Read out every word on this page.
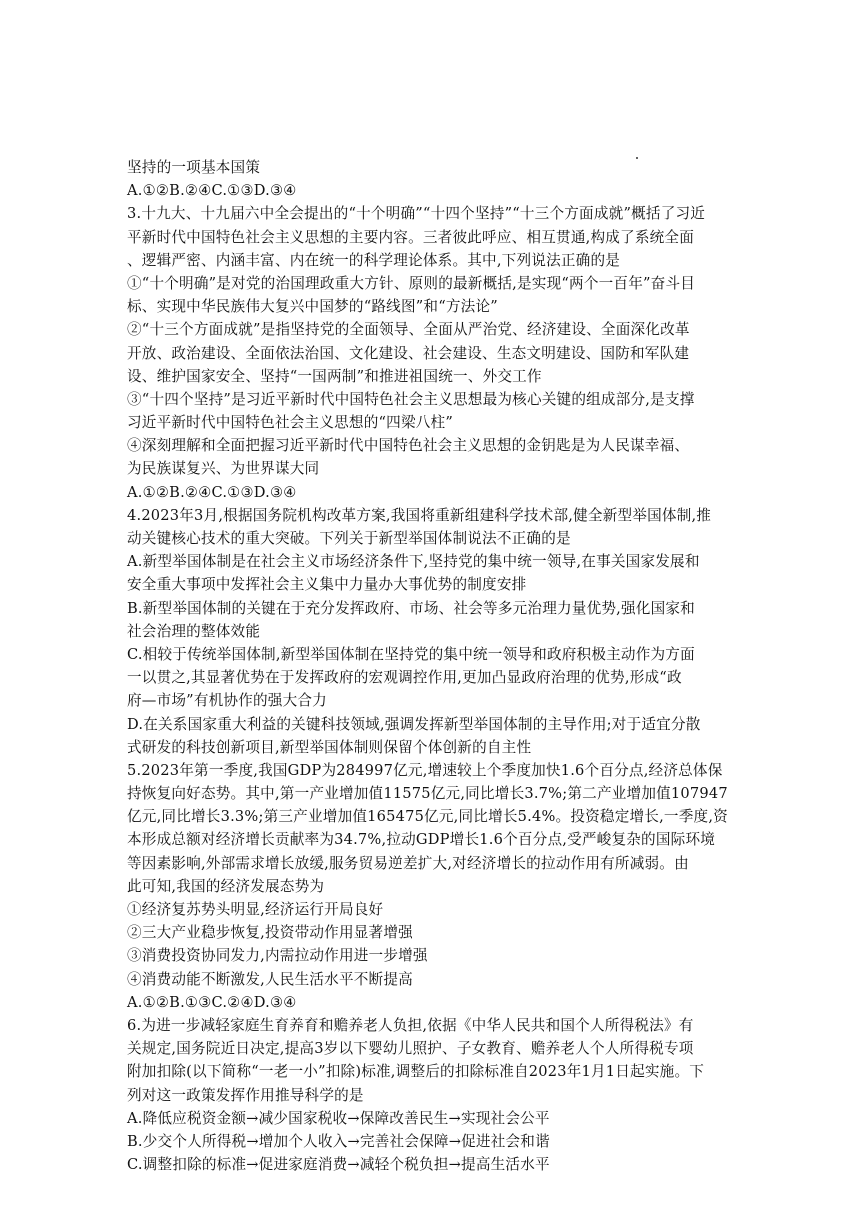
坚持的一项基本国策
A.①②B.②④C.①③D.③④
3.十九大、十九届六中全会提出的“十个明确”“十四个坚持”“十三个方面成就”概括了习近
平新时代中国特色社会主义思想的主要内容。三者彼此呼应、相互贯通,构成了系统全面
、逻辑严密、内涵丰富、内在统一的科学理论体系。其中,下列说法正确的是
①“十个明确”是对党的治国理政重大方针、原则的最新概括,是实现“两个一百年”奋斗目
标、实现中华民族伟大复兴中国梦的“路线图”和“方法论”
②“十三个方面成就”是指坚持党的全面领导、全面从严治党、经济建设、全面深化改革
开放、政治建设、全面依法治国、文化建设、社会建设、生态文明建设、国防和军队建
设、维护国家安全、坚持“一国两制”和推进祖国统一、外交工作
③“十四个坚持”是习近平新时代中国特色社会主义思想最为核心关键的组成部分,是支撑
习近平新时代中国特色社会主义思想的“四梁八柱”
④深刻理解和全面把握习近平新时代中国特色社会主义思想的金钥匙是为人民谋幸福、
为民族谋复兴、为世界谋大同
A.①②B.②④C.①③D.③④
4.2023年3月,根据国务院机构改革方案,我国将重新组建科学技术部,健全新型举国体制,推
动关键核心技术的重大突破。下列关于新型举国体制说法不正确的是
A.新型举国体制是在社会主义市场经济条件下,坚持党的集中统一领导,在事关国家发展和
安全重大事项中发挥社会主义集中力量办大事优势的制度安排
B.新型举国体制的关键在于充分发挥政府、市场、社会等多元治理力量优势,强化国家和
社会治理的整体效能
C.相较于传统举国体制,新型举国体制在坚持党的集中统一领导和政府积极主动作为方面
一以贯之,其显著优势在于发挥政府的宏观调控作用,更加凸显政府治理的优势,形成“政
府—市场”有机协作的强大合力
D.在关系国家重大利益的关键科技领域,强调发挥新型举国体制的主导作用;对于适宜分散
式研发的科技创新项目,新型举国体制则保留个体创新的自主性
5.2023年第一季度,我国GDP为284997亿元,增速较上个季度加快1.6个百分点,经济总体保
持恢复向好态势。其中,第一产业增加值11575亿元,同比增长3.7%;第二产业增加值107947
亿元,同比增长3.3%;第三产业增加值165475亿元,同比增长5.4%。投资稳定增长,一季度,资
本形成总额对经济增长贡献率为34.7%,拉动GDP增长1.6个百分点,受严峻复杂的国际环境
等因素影响,外部需求增长放缓,服务贸易逆差扩大,对经济增长的拉动作用有所减弱。由
此可知,我国的经济发展态势为
①经济复苏势头明显,经济运行开局良好
②三大产业稳步恢复,投资带动作用显著增强
③消费投资协同发力,内需拉动作用进一步增强
④消费动能不断激发,人民生活水平不断提高
A.①②B.①③C.②④D.③④
6.为进一步减轻家庭生育养育和赡养老人负担,依据《中华人民共和国个人所得税法》有
关规定,国务院近日决定,提高3岁以下婴幼儿照护、子女教育、赡养老人个人所得税专项
附加扣除(以下简称“一老一小”扣除)标准,调整后的扣除标准自2023年1月1日起实施。下
列对这一政策发挥作用推导科学的是
A.降低应税资金额→减少国家税收→保障改善民生→实现社会公平
B.少交个人所得税→增加个人收入→完善社会保障→促进社会和谐
C.调整扣除的标准→促进家庭消费→减轻个税负担→提高生活水平
